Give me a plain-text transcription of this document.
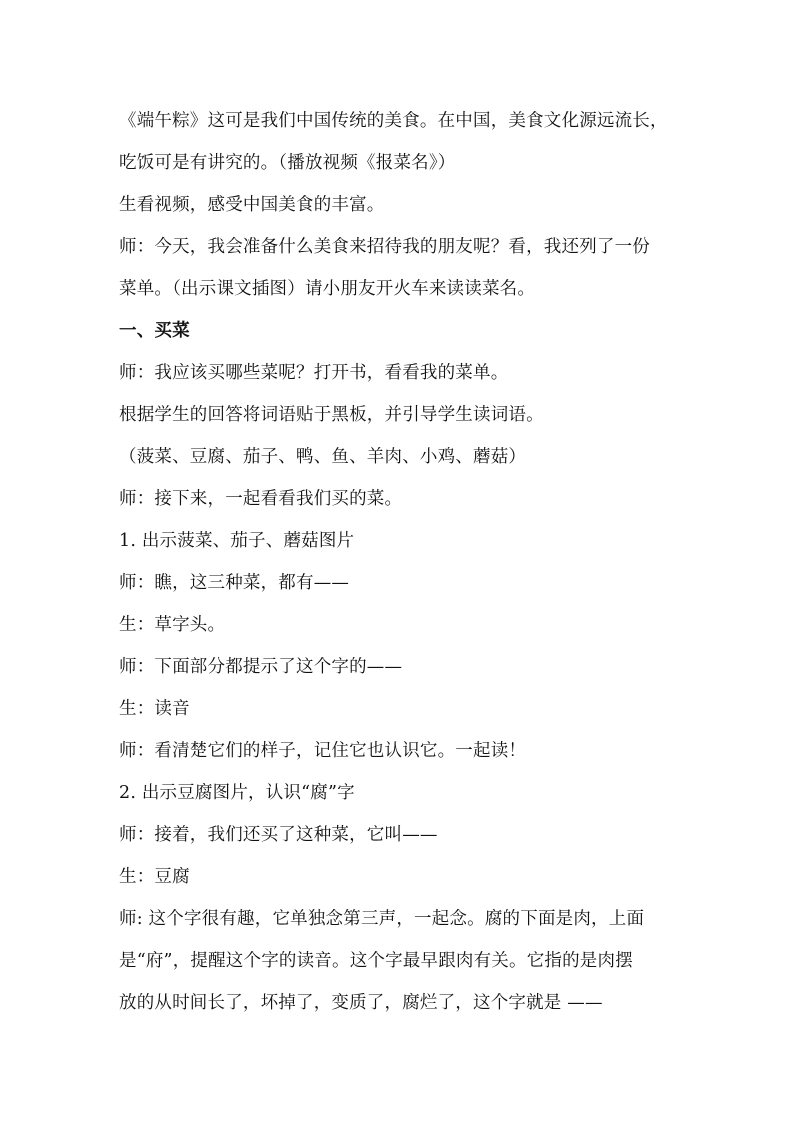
《端午粽》这可是我们中国传统的美食。在中国，美食文化源远流长，
吃饭可是有讲究的。（播放视频《报菜名》）
生看视频，感受中国美食的丰富。
师：今天，我会准备什么美食来招待我的朋友呢？看，我还列了一份
菜单。（出示课文插图）请小朋友开火车来读读菜名。
一、买菜
师：我应该买哪些菜呢？打开书，看看我的菜单。
根据学生的回答将词语贴于黑板，并引导学生读词语。
（菠菜、豆腐、茄子、鸭、鱼、羊肉、小鸡、蘑菇）
师：接下来，一起看看我们买的菜。
1. 出示菠菜、茄子、蘑菇图片
师：瞧，这三种菜，都有——
生：草字头。
师：下面部分都提示了这个字的——
生：读音
师：看清楚它们的样子，记住它也认识它。一起读！
2. 出示豆腐图片，认识“腐”字
师：接着，我们还买了这种菜，它叫——
生：豆腐
师: 这个字很有趣，它单独念第三声，一起念。腐的下面是肉，上面
是“府”，提醒这个字的读音。这个字最早跟肉有关。它指的是肉摆
放的从时间长了，坏掉了，变质了，腐烂了，这个字就是 ——
